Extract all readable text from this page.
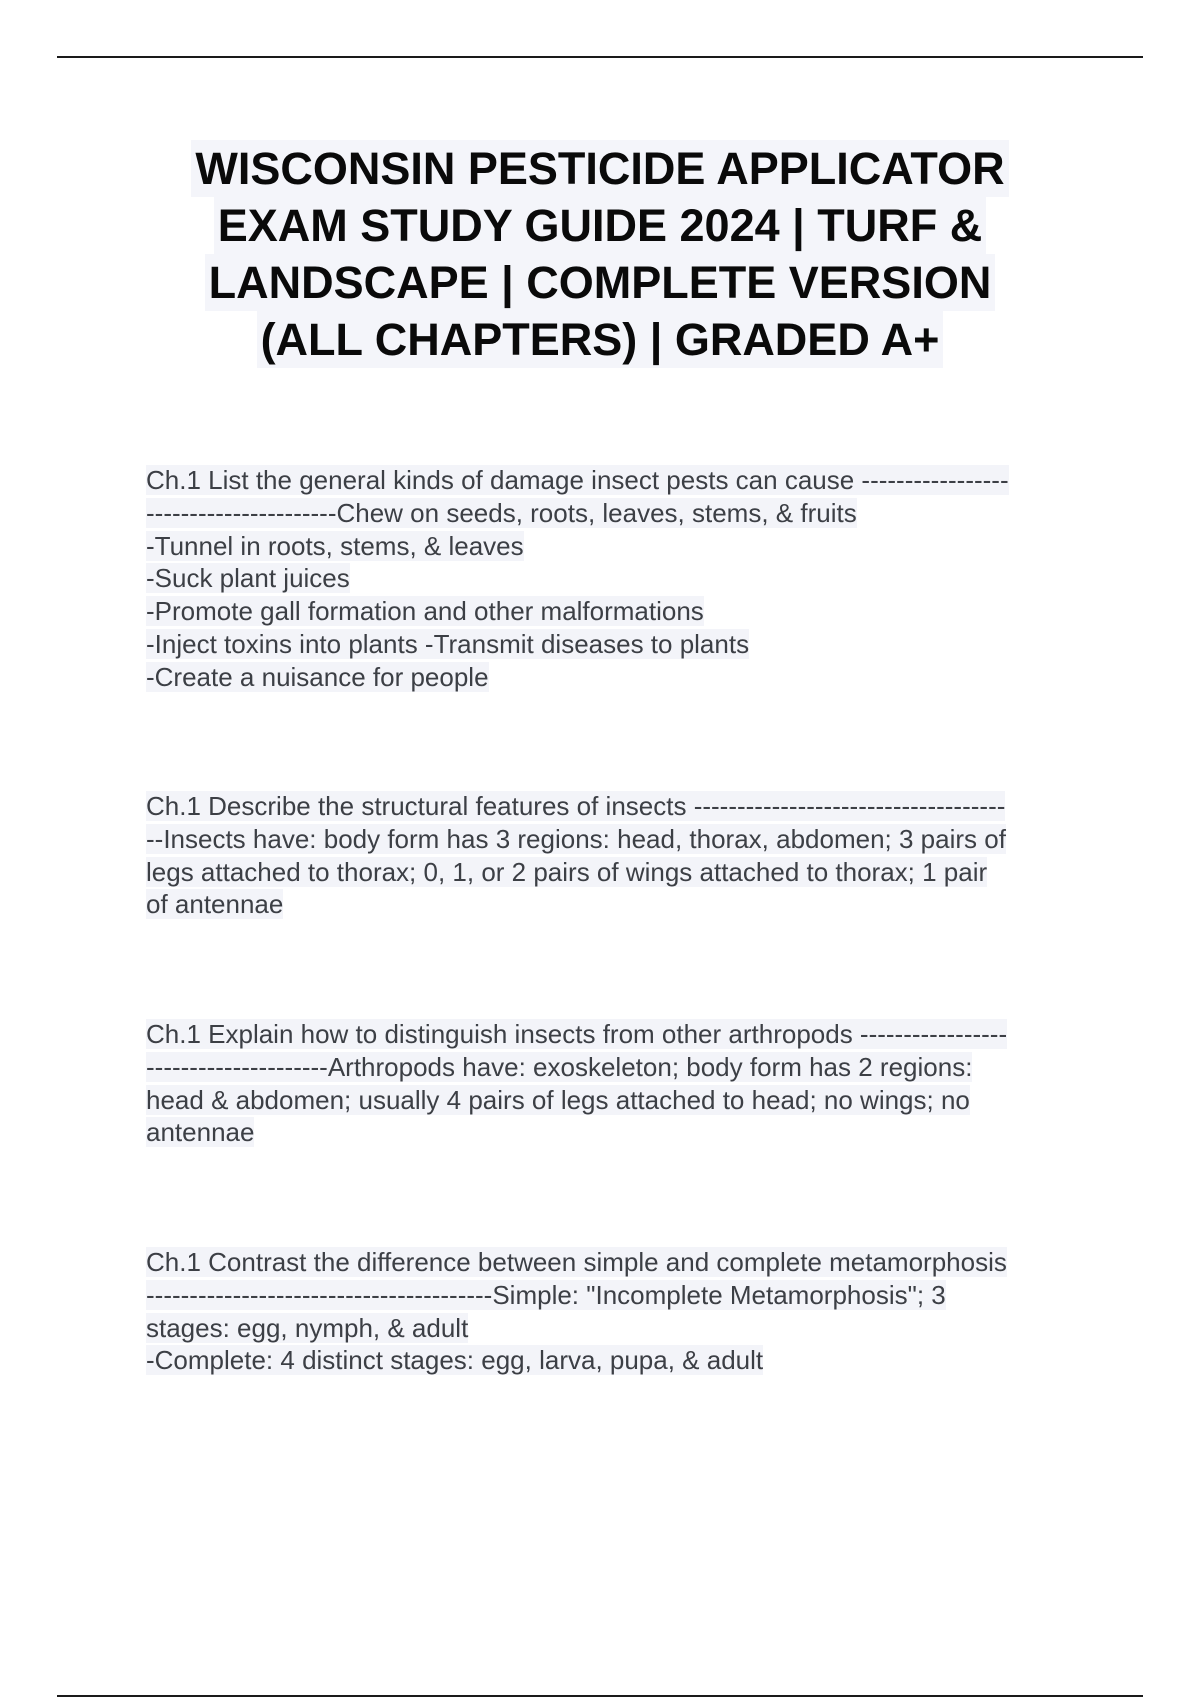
WISCONSIN PESTICIDE APPLICATOR
EXAM STUDY GUIDE 2024 | TURF &
LANDSCAPE | COMPLETE VERSION
(ALL CHAPTERS) | GRADED A+
Ch.1 List the general kinds of damage insect pests can cause -----------------
----------------------Chew on seeds, roots, leaves, stems, & fruits
-Tunnel in roots, stems, & leaves
-Suck plant juices
-Promote gall formation and other malformations
-Inject toxins into plants -Transmit diseases to plants
-Create a nuisance for people
Ch.1 Describe the structural features of insects ------------------------------------
--Insects have: body form has 3 regions: head, thorax, abdomen; 3 pairs of
legs attached to thorax; 0, 1, or 2 pairs of wings attached to thorax; 1 pair
of antennae
Ch.1 Explain how to distinguish insects from other arthropods -----------------
---------------------Arthropods have: exoskeleton; body form has 2 regions:
head & abdomen; usually 4 pairs of legs attached to head; no wings; no
antennae
Ch.1 Contrast the difference between simple and complete metamorphosis
----------------------------------------Simple: "Incomplete Metamorphosis"; 3
stages: egg, nymph, & adult
-Complete: 4 distinct stages: egg, larva, pupa, & adult
